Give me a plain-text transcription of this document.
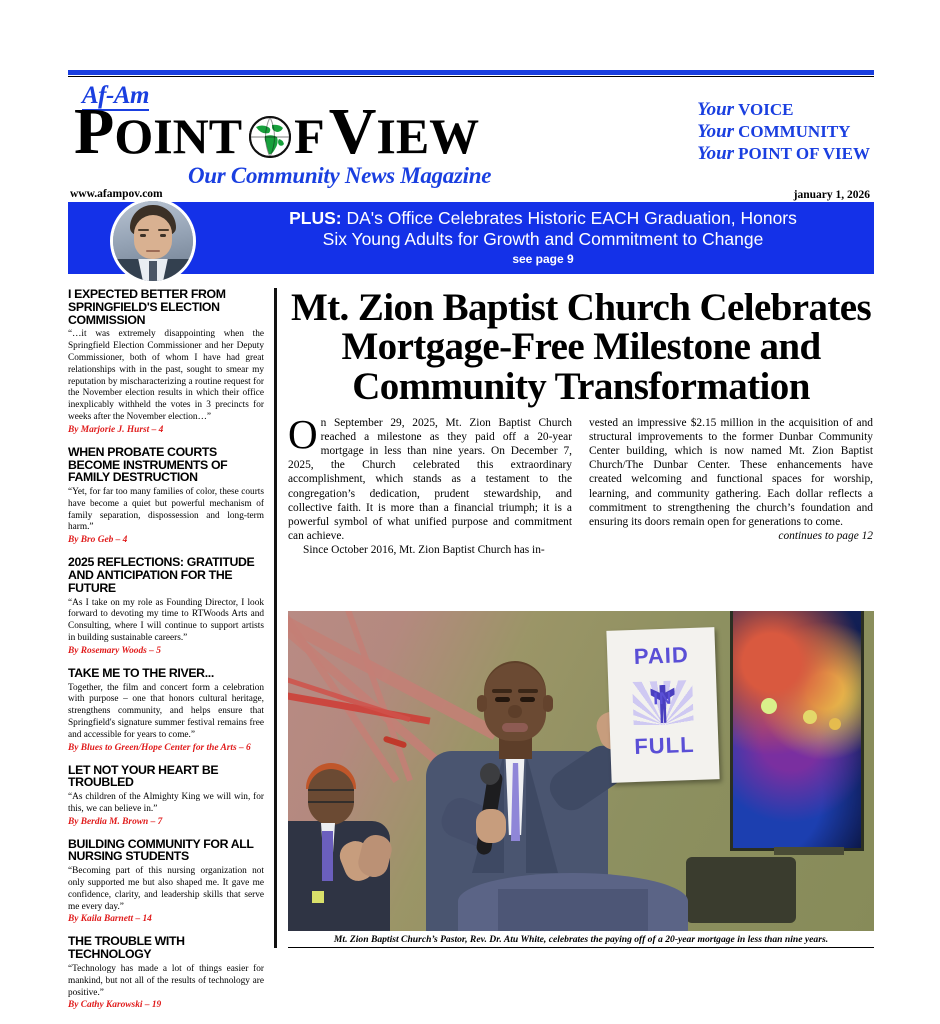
Af-Am
POINT F VIEW
Our Community News Magazine
Your VOICE
Your COMMUNITY
Your POINT OF VIEW
www.afampov.com	january 1, 2026
PLUS: DA's Office Celebrates Historic EACH Graduation, Honors
Six Young Adults for Growth and Commitment to Change
see page 9
I EXPECTED BETTER FROM SPRINGFIELD'S ELECTION COMMISSION
“…it was extremely disappointing when the Springfield Election Commissioner and her Deputy Commissioner, both of whom I have had great relationships with in the past, sought to smear my reputation by mischaracterizing a routine request for the November election results in which their office inexplicably withheld the votes in 3 precincts for weeks after the November election…”
By Marjorie J. Hurst – 4
WHEN PROBATE COURTS BECOME INSTRUMENTS OF FAMILY DESTRUCTION
“Yet, for far too many families of color, these courts have become a quiet but powerful mechanism of family separation, dispossession and long-term harm.”
By Bro Geb – 4
2025 REFLECTIONS: GRATITUDE AND ANTICIPATION FOR THE FUTURE
“As I take on my role as Founding Director, I look forward to devoting my time to RTWoods Arts and Consulting, where I will continue to support artists in building sustainable careers.”
By Rosemary Woods – 5
TAKE ME TO THE RIVER...
Together, the film and concert form a celebration with purpose – one that honors cultural heritage, strengthens community, and helps ensure that Springfield's signature summer festival remains free and accessible for years to come.”
By Blues to Green/Hope Center for the Arts – 6
LET NOT YOUR HEART BE TROUBLED
“As children of the Almighty King we will win, for this, we can believe in.”
By Berdia M. Brown – 7
BUILDING COMMUNITY FOR ALL NURSING STUDENTS
“Becoming part of this nursing organization not only supported me but also shaped me. It gave me confidence, clarity, and leadership skills that serve me every day.”
By Kaila Barnett – 14
THE TROUBLE WITH TECHNOLOGY
“Technology has made a lot of things easier for mankind, but not all of the results of technology are positive.”
By Cathy Karowski – 19
Mt. Zion Baptist Church Celebrates Mortgage-Free Milestone and Community Transformation

On September 29, 2025, Mt. Zion Baptist Church reached a milestone as they paid off a 20-year mortgage in less than nine years. On December 7, 2025, the Church celebrated this extraordinary accomplishment, which stands as a testament to the congregation’s dedication, prudent stewardship, and collective faith. It is more than a financial triumph; it is a powerful symbol of what unified purpose and commitment can achieve.

Since October 2016, Mt. Zion Baptist Church has in-

vested an impressive $2.15 million in the acquisition of and structural improvements to the former Dunbar Community Center building, which is now named Mt. Zion Baptist Church/The Dunbar Center. These enhancements have created welcoming and functional spaces for worship, learning, and community gathering. Each dollar reflects a commitment to strengthening the church’s foundation and ensuring its doors remain open for generations to come.

continues to page 12
PAID
IN
FULL
Mt. Zion Baptist Church’s Pastor, Rev. Dr. Atu White, celebrates the paying off of a 20-year mortgage in less than nine years.
